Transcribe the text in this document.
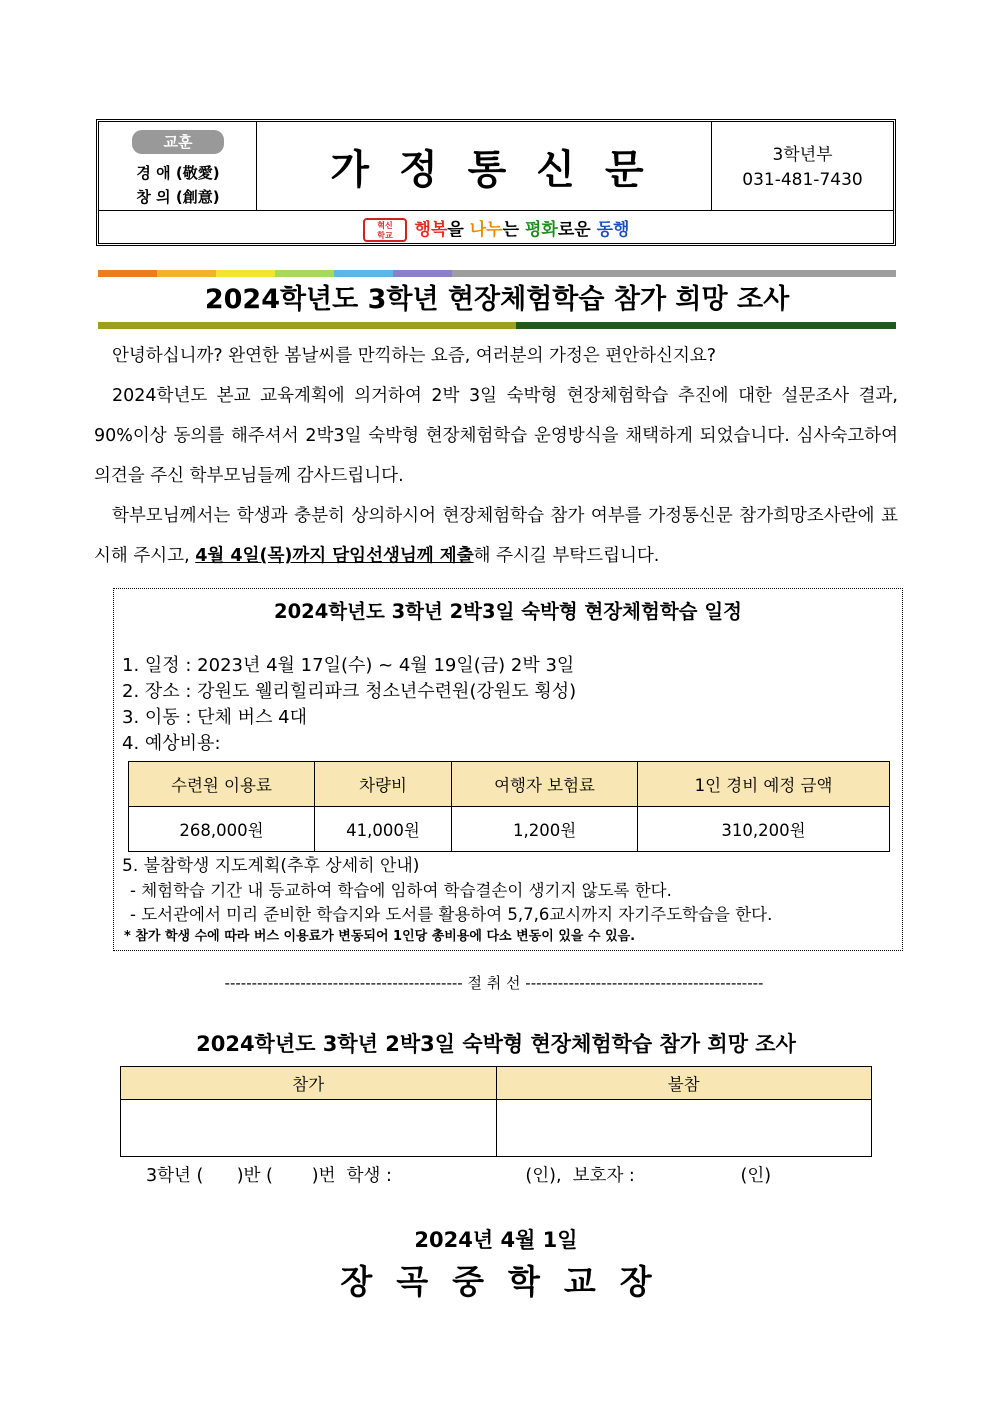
교훈
경 애 (敬愛)
창 의 (創意)
가정통신문	3학년부
031-481-7430
혁신
학교 행복을 나누는 평화로운 동행
2024학년도 3학년 현장체험학습 참가 희망 조사

안녕하십니까? 완연한 봄날씨를 만끽하는 요즘, 여러분의 가정은 편안하신지요?

2024학년도 본교 교육계획에 의거하여 2박 3일 숙박형 현장체험학습 추진에 대한 설문조사 결과, 90%이상 동의를 해주셔서 2박3일 숙박형 현장체험학습 운영방식을 채택하게 되었습니다. 심사숙고하여 의견을 주신 학부모님들께 감사드립니다.

학부모님께서는 학생과 충분히 상의하시어 현장체험학습 참가 여부를 가정통신문 참가희망조사란에 표시해 주시고, 4월 4일(목)까지 담임선생님께 제출해 주시길 부탁드립니다.

2024학년도 3학년 2박3일 숙박형 현장체험학습 일정
1. 일정 : 2023년 4월 17일(수) ~ 4월 19일(금) 2박 3일
2. 장소 : 강원도 웰리힐리파크 청소년수련원(강원도 횡성)
3. 이동 : 단체 버스 4대
4. 예상비용:
수련원 이용료	차량비	여행자 보험료	1인 경비 예정 금액
268,000원	41,000원	1,200원	310,200원
5. 불참학생 지도계획(추후 상세히 안내)
- 체험학습 기간 내 등교하여 학습에 임하여 학습결손이 생기지 않도록 한다.
- 도서관에서 미리 준비한 학습지와 도서를 활용하여 5,7,6교시까지 자기주도학습을 한다.
* 참가 학생 수에 따라 버스 이용료가 변동되어 1인당 총비용에 다소 변동이 있을 수 있음.
-------------------------------------------- 절 취 선 --------------------------------------------
2024학년도 3학년 2박3일 숙박형 현장체험학습 참가 희망 조사
참가	불참

3학년 (      )반 (       )번  학생 :                        (인),  보호자 :                   (인)
2024년 4월 1일
장곡중학교장
